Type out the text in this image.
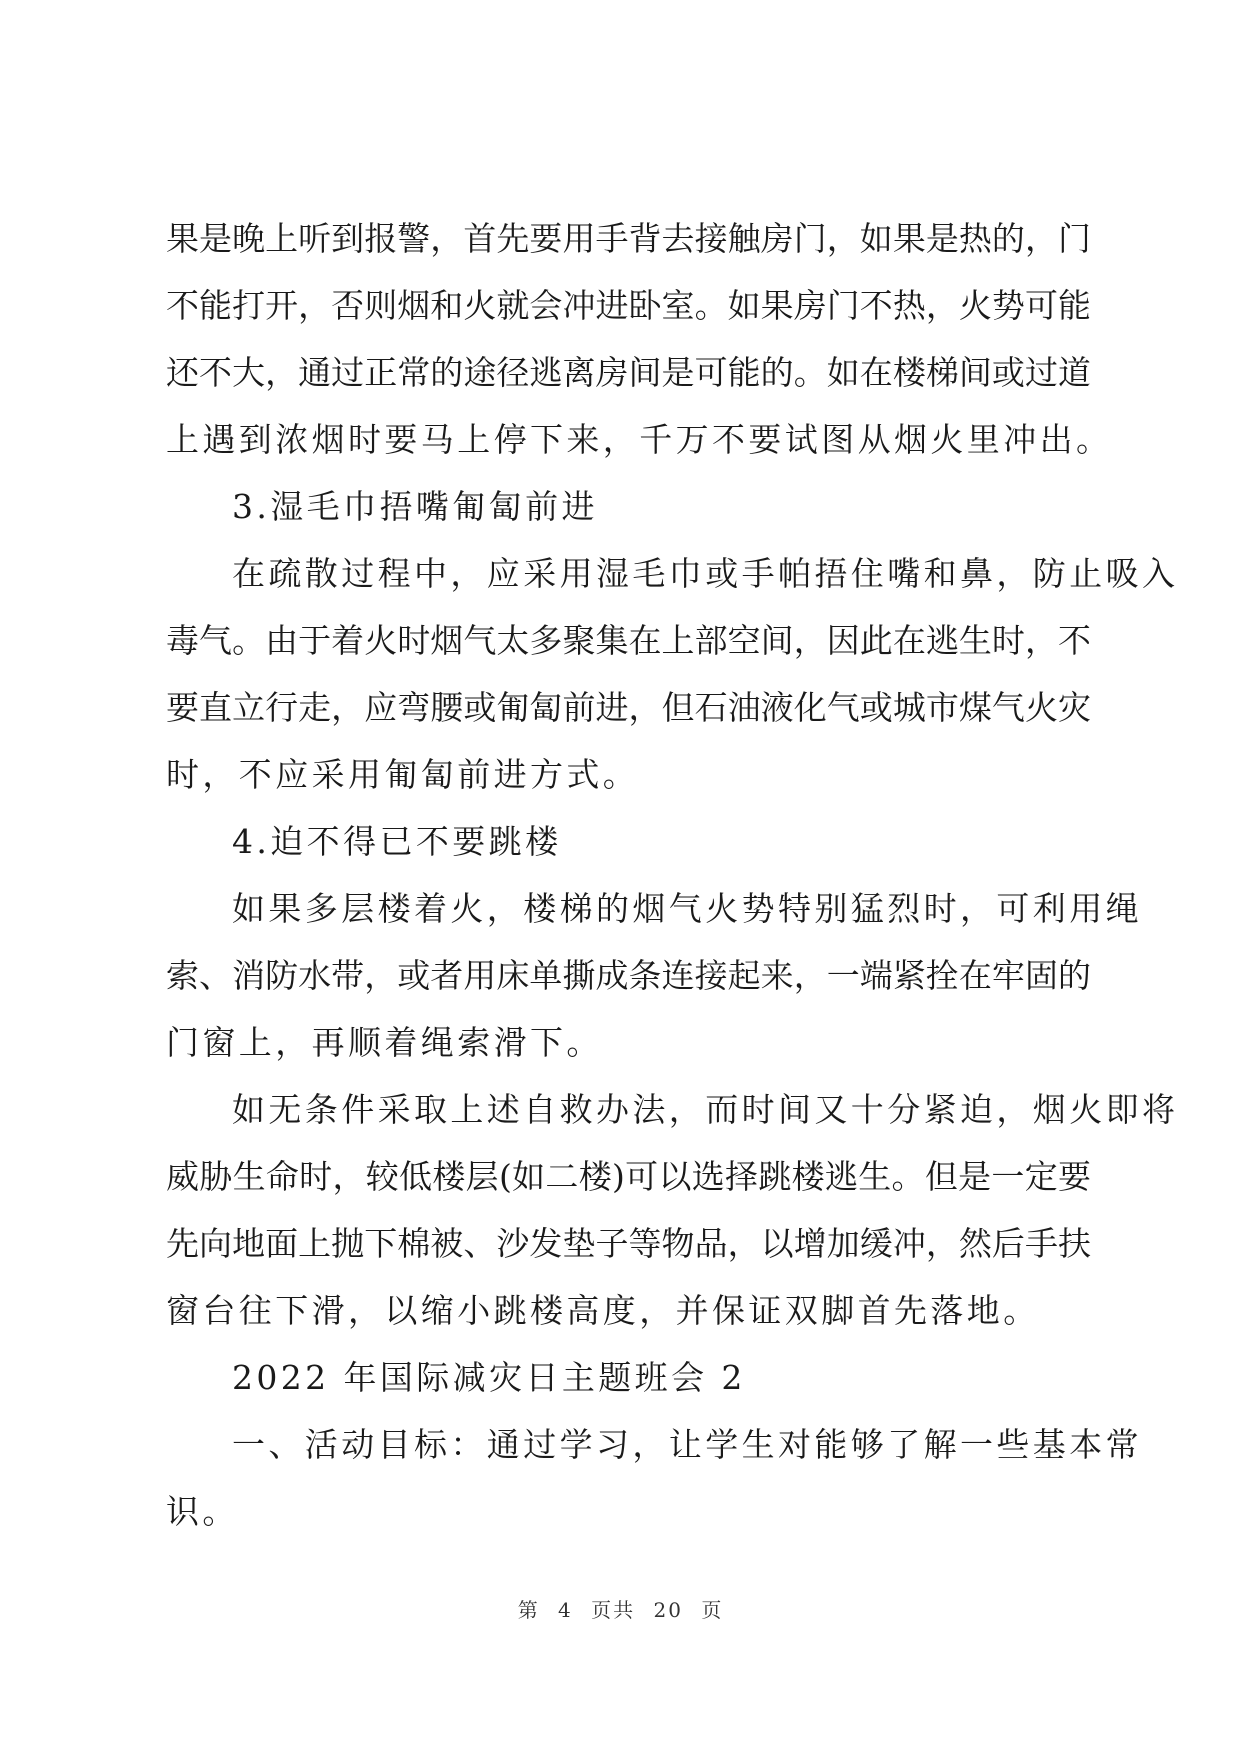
果是晚上听到报警，首先要用手背去接触房门，如果是热的，门
不能打开，否则烟和火就会冲进卧室。如果房门不热，火势可能
还不大，通过正常的途径逃离房间是可能的。如在楼梯间或过道
上遇到浓烟时要马上停下来，千万不要试图从烟火里冲出。
3.湿毛巾捂嘴匍匐前进
在疏散过程中，应采用湿毛巾或手帕捂住嘴和鼻，防止吸入
毒气。由于着火时烟气太多聚集在上部空间，因此在逃生时，不
要直立行走，应弯腰或匍匐前进，但石油液化气或城市煤气火灾
时，不应采用匍匐前进方式。
4.迫不得已不要跳楼
如果多层楼着火，楼梯的烟气火势特别猛烈时，可利用绳
索、消防水带，或者用床单撕成条连接起来，一端紧拴在牢固的
门窗上，再顺着绳索滑下。
如无条件采取上述自救办法，而时间又十分紧迫，烟火即将
威胁生命时，较低楼层(如二楼)可以选择跳楼逃生。但是一定要
先向地面上抛下棉被、沙发垫子等物品，以增加缓冲，然后手扶
窗台往下滑，以缩小跳楼高度，并保证双脚首先落地。
2022 年国际减灾日主题班会 2
一、活动目标：通过学习，让学生对能够了解一些基本常
识。
第 4 页共 20 页
